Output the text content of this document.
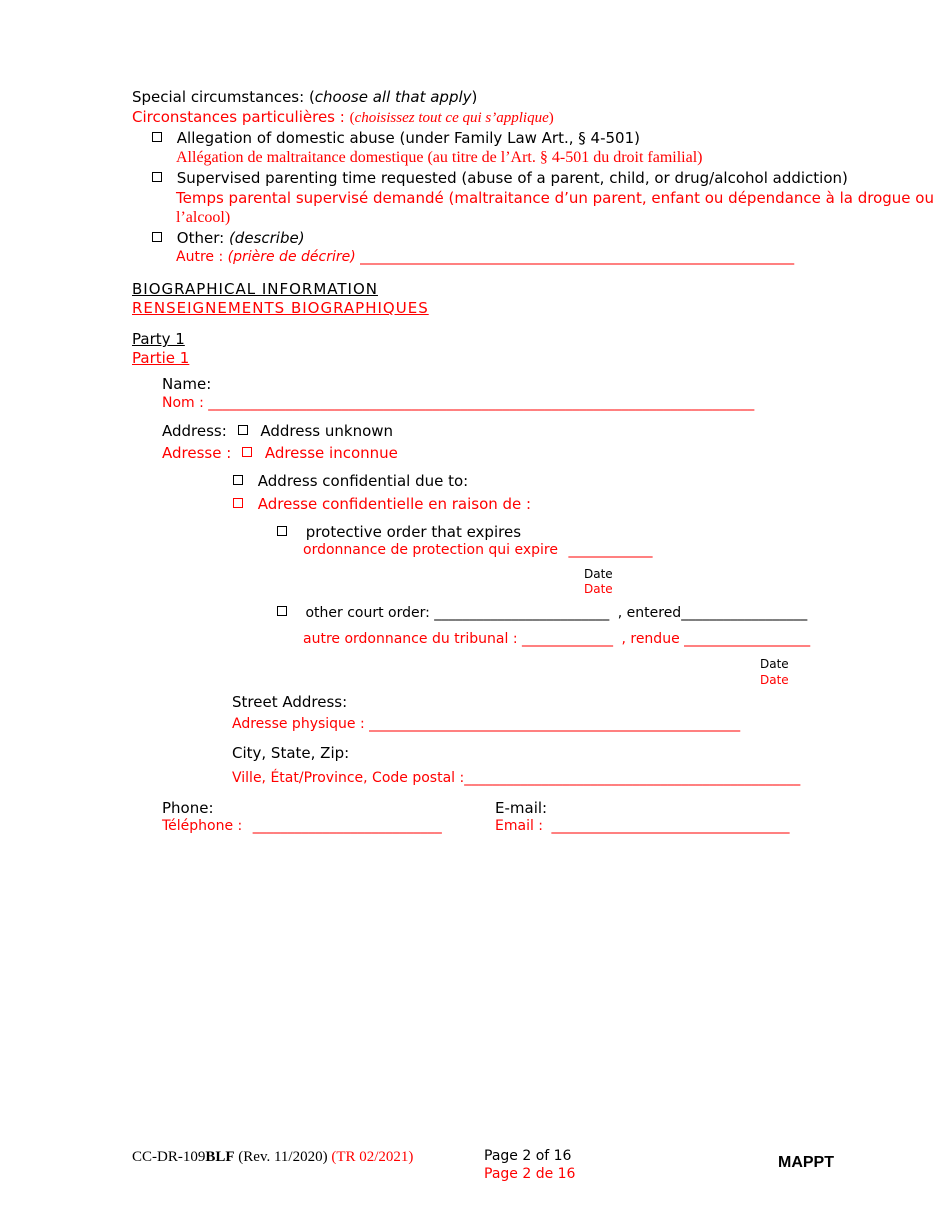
Special circumstances: (choose all that apply)
Circonstances particulières : (choisissez tout ce qui s’applique)
Allegation of domestic abuse (under Family Law Art., § 4-501)
Allégation de maltraitance domestique (au titre de l’Art. § 4-501 du droit familial)
Supervised parenting time requested (abuse of a parent, child, or drug/alcohol addiction)
Temps parental supervisé demandé (maltraitance d’un parent, enfant ou dépendance à la drogue ou
l’alcool)
Other: (describe)
Autre : (prière de décrire) ______________________________________________________________
BIOGRAPHICAL INFORMATION
RENSEIGNEMENTS BIOGRAPHIQUES
Party 1
Partie 1
Name:
Nom : ______________________________________________________________________________
Address: Address unknown
Adresse : Adresse inconnue
Address confidential due to:
Adresse confidentielle en raison de :
protective order that expires
ordonnance de protection qui expire ____________
Date
Date
other court order: _________________________ , entered__________________
autre ordonnance du tribunal : _____________ , rendue __________________
Date
Date
Street Address:
Adresse physique : _____________________________________________________
City, State, Zip:
Ville, État/Province, Code postal :________________________________________________
Phone:
Téléphone : ___________________________
E-mail:
Email : __________________________________
CC-DR-109BLF (Rev. 11/2020) (TR 02/2021)	Page 2 of 16
Page 2 de 16
MAPPT
